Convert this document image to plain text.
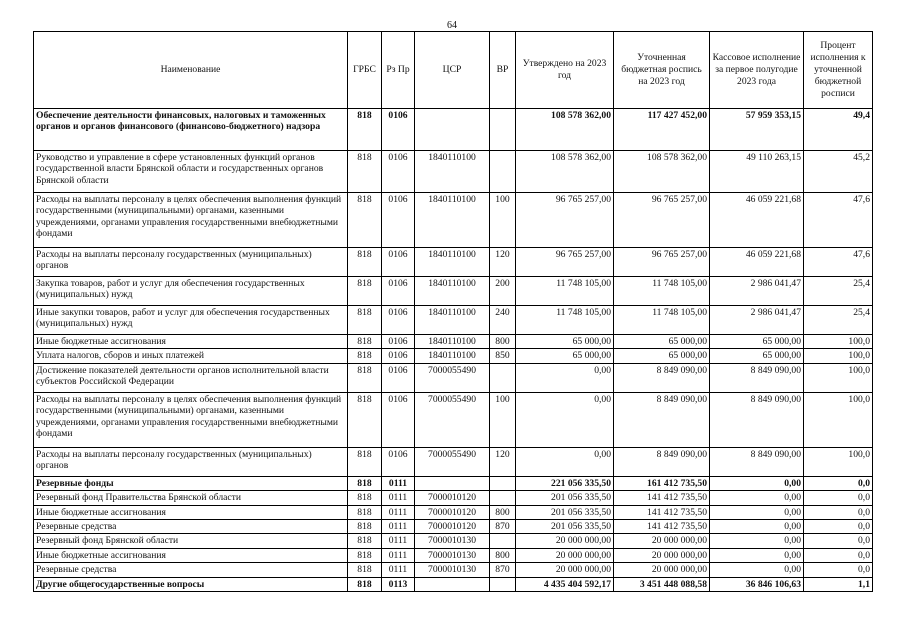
64
Наименование	ГРБС	Рз Пр	ЦСР	ВР	Утверждено на 2023 год	Уточненная бюджетная роспись на 2023 год	Кассовое исполнение за первое полугодие 2023 года	Процент исполнения к уточненной бюджетной росписи
Обеспечение деятельности финансовых, налоговых и таможенных органов и органов финансового (финансово-бюджетного) надзора	818	0106			108 578 362,00	117 427 452,00	57 959 353,15	49,4
Руководство и управление в сфере установленных функций органов государственной власти Брянской области и государственных органов Брянской области	818	0106	1840110100		108 578 362,00	108 578 362,00	49 110 263,15	45,2
Расходы на выплаты персоналу в целях обеспечения выполнения функций государственными (муниципальными) органами, казенными учреждениями, органами управления государственными внебюджетными фондами	818	0106	1840110100	100	96 765 257,00	96 765 257,00	46 059 221,68	47,6
Расходы на выплаты персоналу государственных (муниципальных) органов	818	0106	1840110100	120	96 765 257,00	96 765 257,00	46 059 221,68	47,6
Закупка товаров, работ и услуг для обеспечения государственных (муниципальных) нужд	818	0106	1840110100	200	11 748 105,00	11 748 105,00	2 986 041,47	25,4
Иные закупки товаров, работ и услуг для обеспечения государственных (муниципальных) нужд	818	0106	1840110100	240	11 748 105,00	11 748 105,00	2 986 041,47	25,4
Иные бюджетные ассигнования	818	0106	1840110100	800	65 000,00	65 000,00	65 000,00	100,0
Уплата налогов, сборов и иных платежей	818	0106	1840110100	850	65 000,00	65 000,00	65 000,00	100,0
Достижение показателей деятельности органов исполнительной власти субъектов Российской Федерации	818	0106	7000055490		0,00	8 849 090,00	8 849 090,00	100,0
Расходы на выплаты персоналу в целях обеспечения выполнения функций государственными (муниципальными) органами, казенными учреждениями, органами управления государственными внебюджетными фондами	818	0106	7000055490	100	0,00	8 849 090,00	8 849 090,00	100,0
Расходы на выплаты персоналу государственных (муниципальных) органов	818	0106	7000055490	120	0,00	8 849 090,00	8 849 090,00	100,0
Резервные фонды	818	0111			221 056 335,50	161 412 735,50	0,00	0,0
Резервный фонд Правительства Брянской области	818	0111	7000010120		201 056 335,50	141 412 735,50	0,00	0,0
Иные бюджетные ассигнования	818	0111	7000010120	800	201 056 335,50	141 412 735,50	0,00	0,0
Резервные средства	818	0111	7000010120	870	201 056 335,50	141 412 735,50	0,00	0,0
Резервный фонд Брянской области	818	0111	7000010130		20 000 000,00	20 000 000,00	0,00	0,0
Иные бюджетные ассигнования	818	0111	7000010130	800	20 000 000,00	20 000 000,00	0,00	0,0
Резервные средства	818	0111	7000010130	870	20 000 000,00	20 000 000,00	0,00	0,0
Другие общегосударственные вопросы	818	0113			4 435 404 592,17	3 451 448 088,58	36 846 106,63	1,1
